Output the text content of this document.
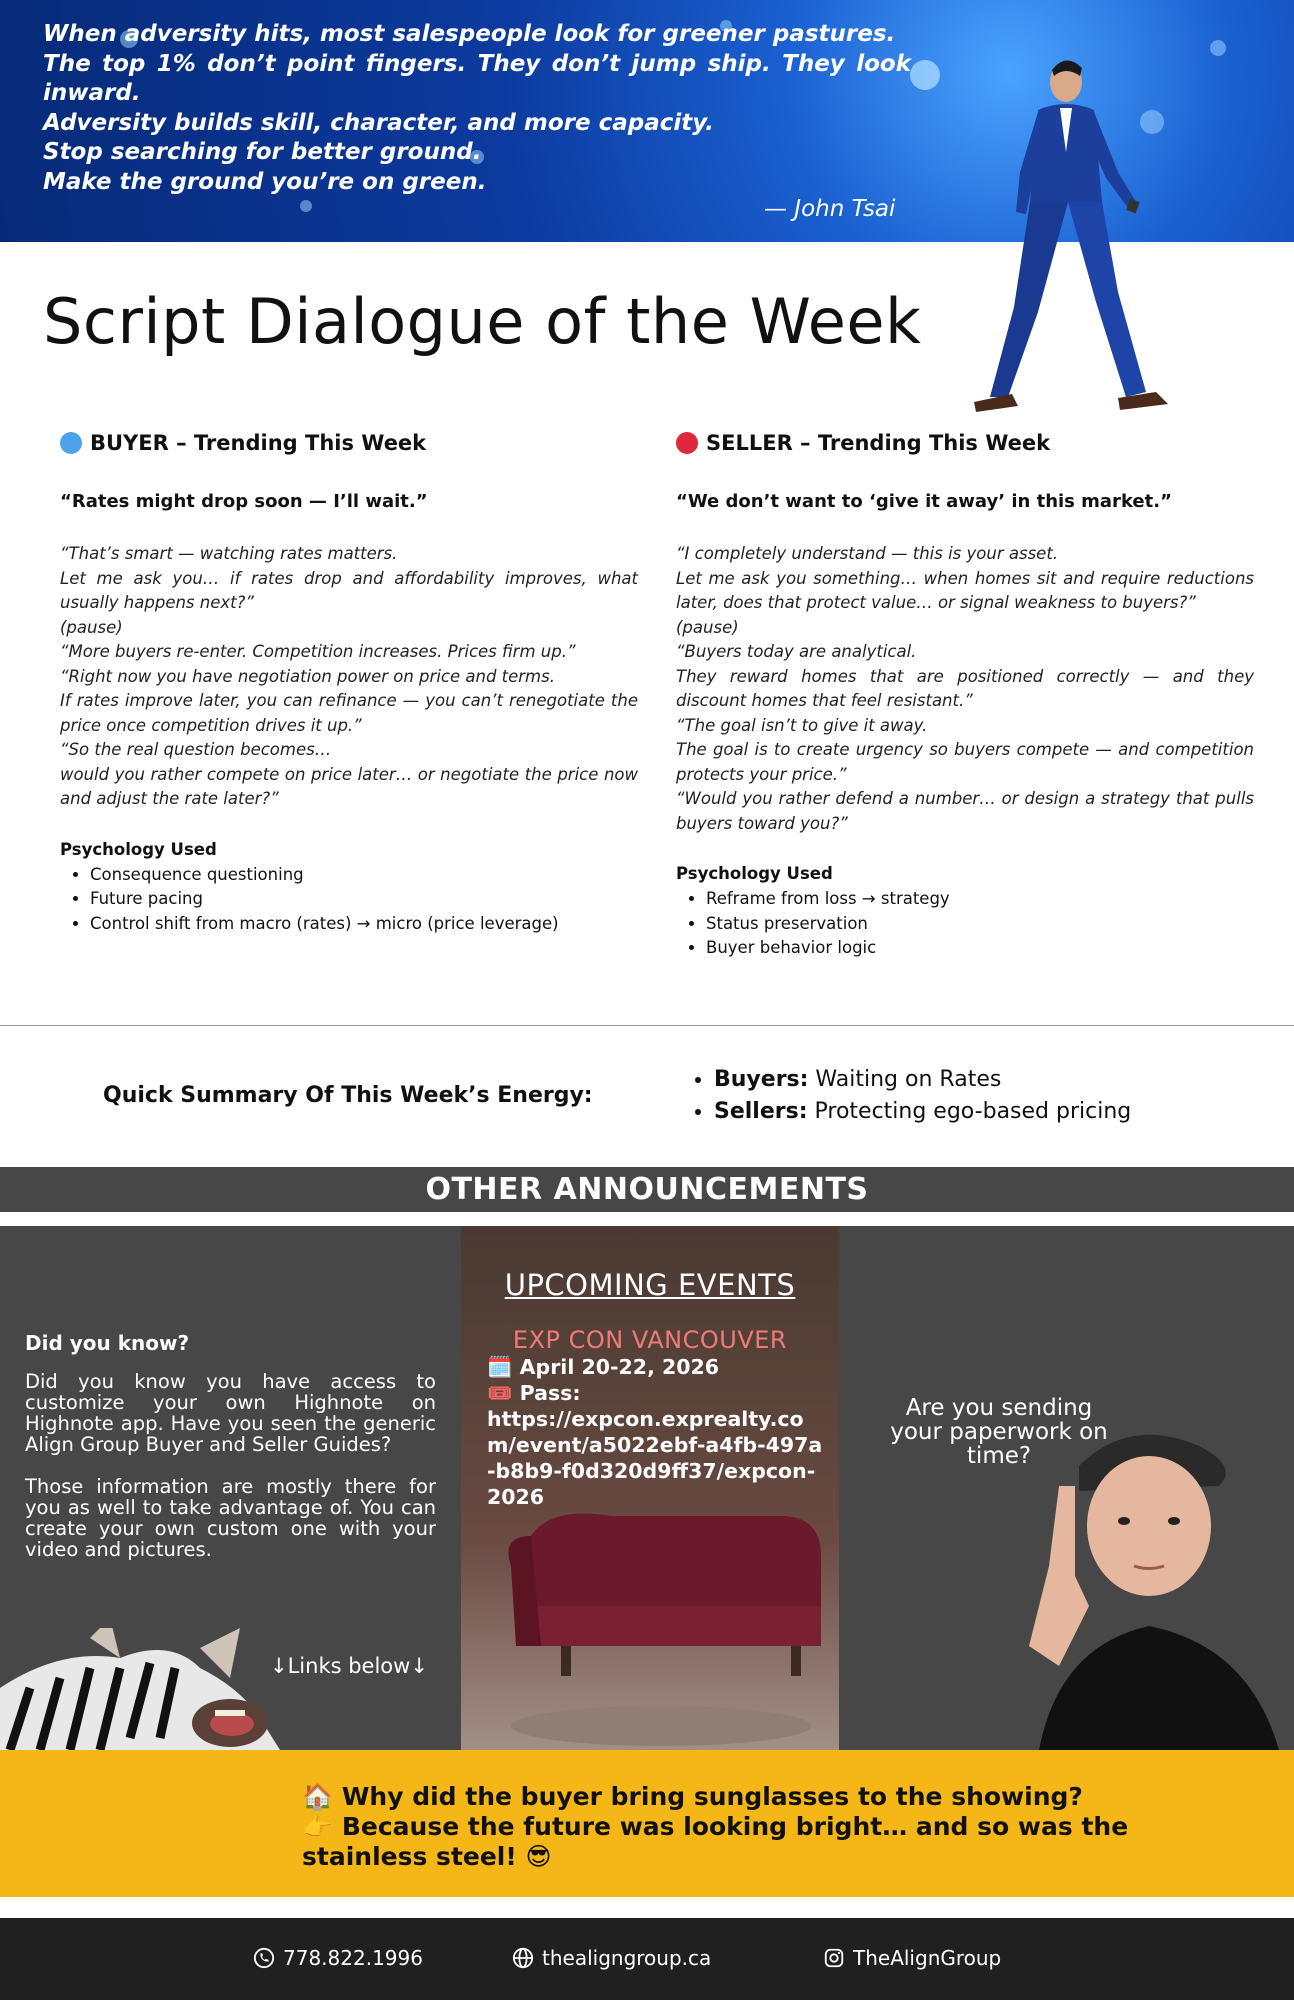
When adversity hits, most salespeople look for greener pastures.
The top 1% don’t point fingers. They don’t jump ship. They look inward.
Adversity builds skill, character, and more capacity.
Stop searching for better ground.
Make the ground you’re on green.
— John Tsai
Script Dialogue of the Week
BUYER – Trending This Week
“Rates might drop soon — I’ll wait.”
“That’s smart — watching rates matters.
Let me ask you… if rates drop and affordability improves, what usually happens next?”
(pause)
“More buyers re-enter. Competition increases. Prices firm up.”
“Right now you have negotiation power on price and terms.
If rates improve later, you can refinance — you can’t renegotiate the price once competition drives it up.”
“So the real question becomes…
would you rather compete on price later… or negotiate the price now and adjust the rate later?”
Psychology Used
• Consequence questioning
• Future pacing
• Control shift from macro (rates) → micro (price leverage)
SELLER – Trending This Week
“We don’t want to ‘give it away’ in this market.”
“I completely understand — this is your asset.
Let me ask you something… when homes sit and require reductions later, does that protect value… or signal weakness to buyers?”
(pause)
“Buyers today are analytical.
They reward homes that are positioned correctly — and they discount homes that feel resistant.”
“The goal isn’t to give it away.
The goal is to create urgency so buyers compete — and competition protects your price.”
“Would you rather defend a number… or design a strategy that pulls buyers toward you?”
Psychology Used
• Reframe from loss → strategy
• Status preservation
• Buyer behavior logic
Quick Summary Of This Week’s Energy:
• Buyers: Waiting on Rates
• Sellers: Protecting ego-based pricing
OTHER ANNOUNCEMENTS
Did you know?

Did you know you have access to customize your own Highnote on Highnote app. Have you seen the generic Align Group Buyer and Seller Guides?

Those information are mostly there for you as well to take advantage of. You can create your own custom one with your video and pictures.

↓Links below↓
UPCOMING EVENTS
EXP CON VANCOUVER
🗓️ April 20-22, 2026
🎟️ Pass:
https://expcon.exprealty.com/event/a5022ebf-a4fb-497a-b8b9-f0d320d9ff37/expcon-2026
Are you sending your paperwork on time?
🏠 Why did the buyer bring sunglasses to the showing?
👉 Because the future was looking bright… and so was the stainless steel! 😎
778.822.1996	thealigngroup.ca	TheAlignGroup
